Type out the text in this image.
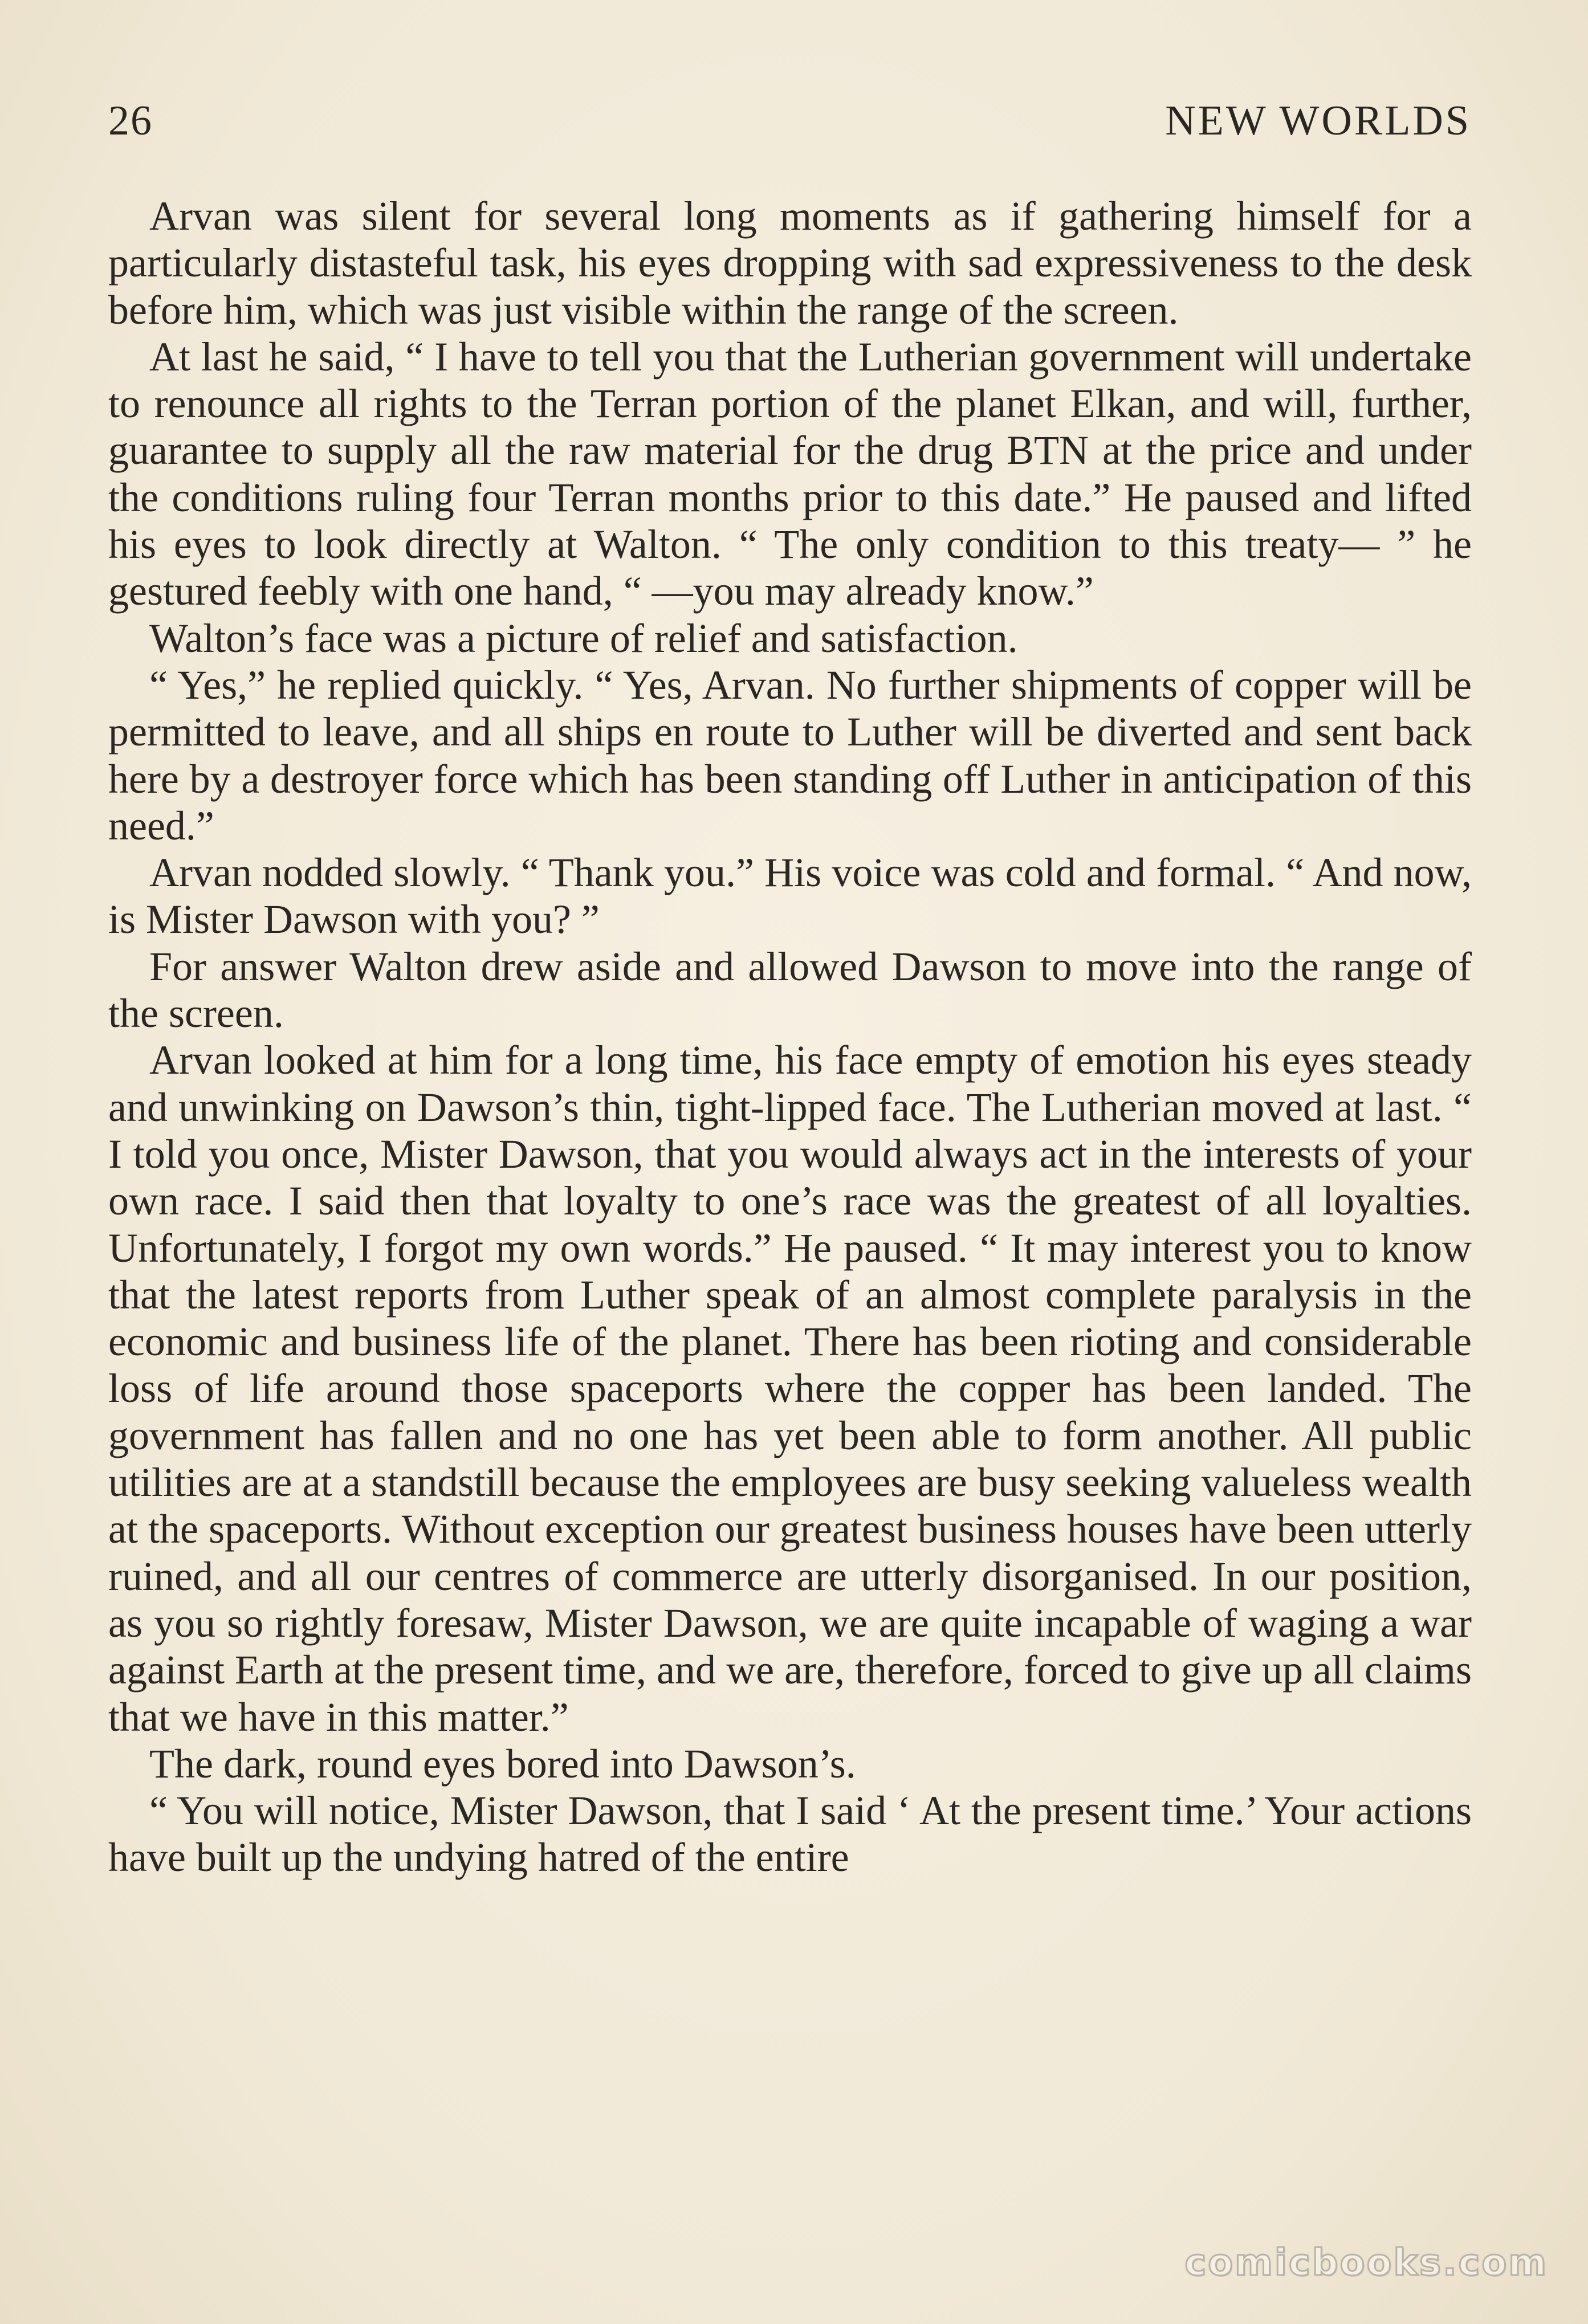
26	NEW WORLDS

Arvan was silent for several long moments as if gathering himself for a particularly distasteful task, his eyes dropping with sad expressiveness to the desk before him, which was just visible within the range of the screen.

At last he said, “ I have to tell you that the Lutherian government will undertake to renounce all rights to the Terran portion of the planet Elkan, and will, further, guarantee to supply all the raw material for the drug BTN at the price and under the conditions ruling four Terran months prior to this date.” He paused and lifted his eyes to look directly at Walton. “ The only condition to this treaty— ” he gestured feebly with one hand, “ —you may already know.”

Walton’s face was a picture of relief and satisfaction.

“ Yes,” he replied quickly. “ Yes, Arvan. No further shipments of copper will be permitted to leave, and all ships en route to Luther will be diverted and sent back here by a destroyer force which has been standing off Luther in anticipation of this need.”

Arvan nodded slowly. “ Thank you.” His voice was cold and formal. “ And now, is Mister Dawson with you? ”

For answer Walton drew aside and allowed Dawson to move into the range of the screen.

Arvan looked at him for a long time, his face empty of emotion his eyes steady and unwinking on Dawson’s thin, tight-lipped face. The Lutherian moved at last. “ I told you once, Mister Dawson, that you would always act in the interests of your own race. I said then that loyalty to one’s race was the greatest of all loyalties. Unfortunately, I forgot my own words.” He paused. “ It may interest you to know that the latest reports from Luther speak of an almost complete paralysis in the economic and business life of the planet. There has been rioting and considerable loss of life around those spaceports where the copper has been landed. The government has fallen and no one has yet been able to form another. All public utilities are at a standstill because the employees are busy seeking valueless wealth at the spaceports. Without exception our greatest business houses have been utterly ruined, and all our centres of commerce are utterly disorganised. In our position, as you so rightly foresaw, Mister Dawson, we are quite incapable of waging a war against Earth at the present time, and we are, therefore, forced to give up all claims that we have in this matter.”

The dark, round eyes bored into Dawson’s.

“ You will notice, Mister Dawson, that I said ‘ At the present time.’ Your actions have built up the undying hatred of the entire

comicbooks.com
